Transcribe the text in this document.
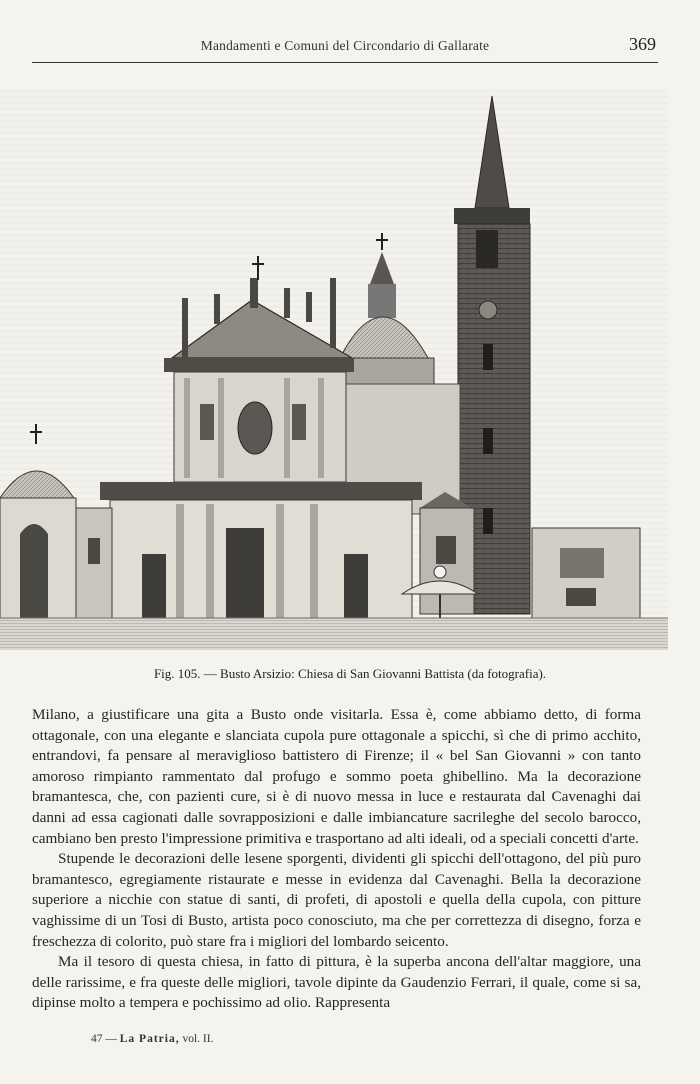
Mandamenti e Comuni del Circondario di Gallarate	369
Fig. 105. — Busto Arsizio: Chiesa di San Giovanni Battista (da fotografia).

Milano, a giustificare una gita a Busto onde visitarla. Essa è, come abbiamo detto, di forma ottagonale, con una elegante e slanciata cupola pure ottagonale a spicchi, sì che di primo acchito, entrandovi, fa pensare al meraviglioso battistero di Firenze; il « bel San Giovanni » con tanto amoroso rimpianto rammentato dal profugo e sommo poeta ghibellino. Ma la decorazione bramantesca, che, con pazienti cure, si è di nuovo messa in luce e restaurata dal Cavenaghi dai danni ad essa cagionati dalle sovrapposizioni e dalle imbiancature sacrileghe del secolo barocco, cambiano ben presto l'impressione primitiva e trasportano ad alti ideali, od a speciali concetti d'arte.

Stupende le decorazioni delle lesene sporgenti, dividenti gli spicchi dell'ottagono, del più puro bramantesco, egregiamente ristaurate e messe in evidenza dal Cavenaghi. Bella la decorazione superiore a nicchie con statue di santi, di profeti, di apostoli e quella della cupola, con pitture vaghissime di un Tosi di Busto, artista poco conosciuto, ma che per correttezza di disegno, forza e freschezza di colorito, può stare fra i migliori del lombardo seicento.

Ma il tesoro di questa chiesa, in fatto di pittura, è la superba ancona dell'altar maggiore, una delle rarissime, e fra queste delle migliori, tavole dipinte da Gaudenzio Ferrari, il quale, come si sa, dipinse molto a tempera e pochissimo ad olio. Rappresenta

47 — La Patria, vol. II.
